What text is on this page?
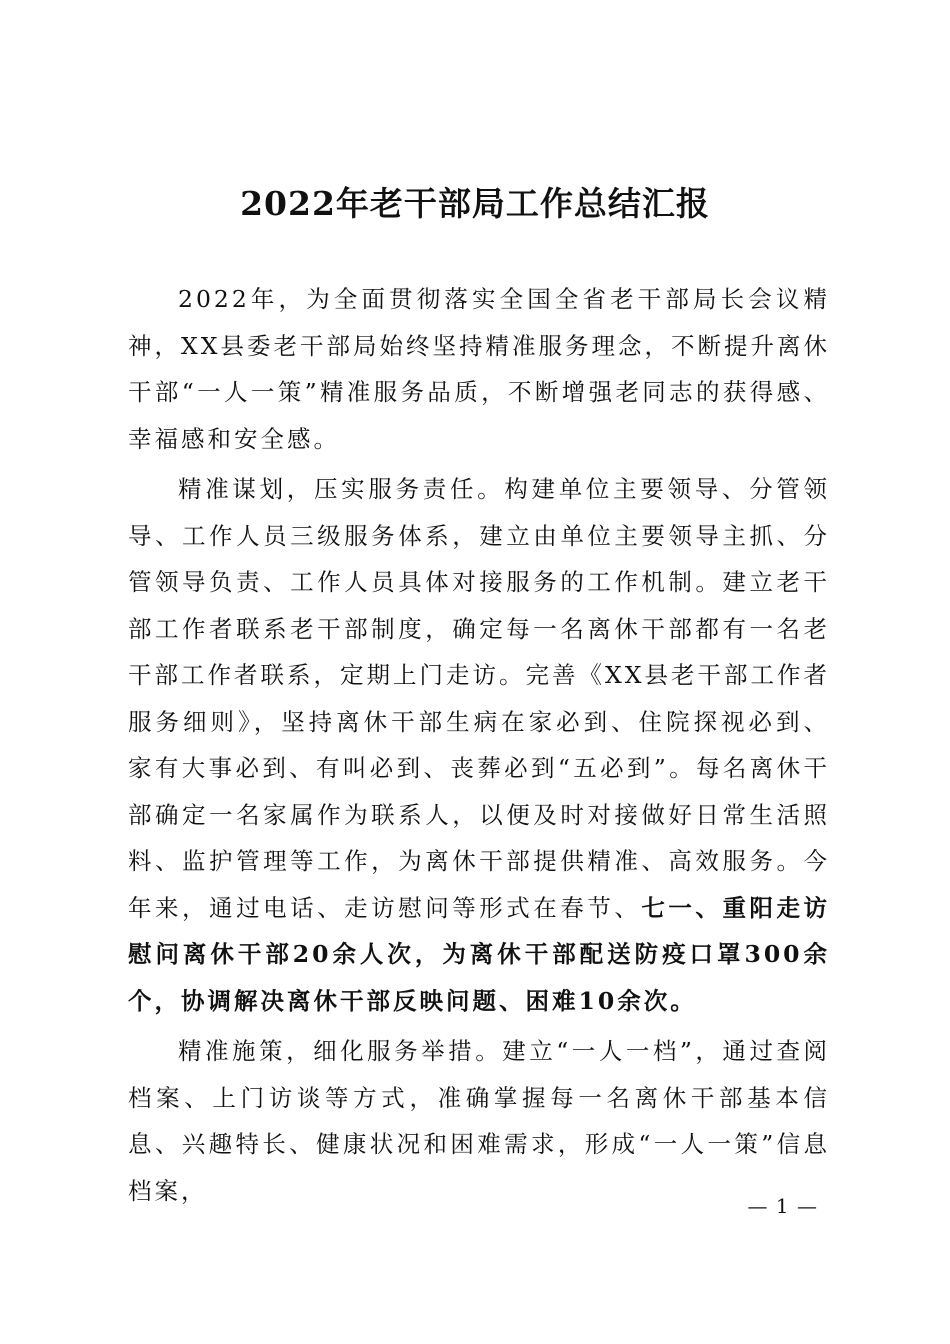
2022年老干部局工作总结汇报

2022年，为全面贯彻落实全国全省老干部局长会议精神，XX县委老干部局始终坚持精准服务理念，不断提升离休干部“一人一策”精准服务品质，不断增强老同志的获得感、幸福感和安全感。

精准谋划，压实服务责任。构建单位主要领导、分管领导、工作人员三级服务体系，建立由单位主要领导主抓、分管领导负责、工作人员具体对接服务的工作机制。建立老干部工作者联系老干部制度，确定每一名离休干部都有一名老干部工作者联系，定期上门走访。完善《XX县老干部工作者服务细则》，坚持离休干部生病在家必到、住院探视必到、家有大事必到、有叫必到、丧葬必到“五必到”。每名离休干部确定一名家属作为联系人，以便及时对接做好日常生活照料、监护管理等工作，为离休干部提供精准、高效服务。今年来，通过电话、走访慰问等形式在春节、七一、重阳走访慰问离休干部20余人次，为离休干部配送防疫口罩300余个，协调解决离休干部反映问题、困难10余次。

精准施策，细化服务举措。建立“一人一档”，通过查阅档案、上门访谈等方式，准确掌握每一名离休干部基本信息、兴趣特长、健康状况和困难需求，形成“一人一策”信息档案，

— 1 —
